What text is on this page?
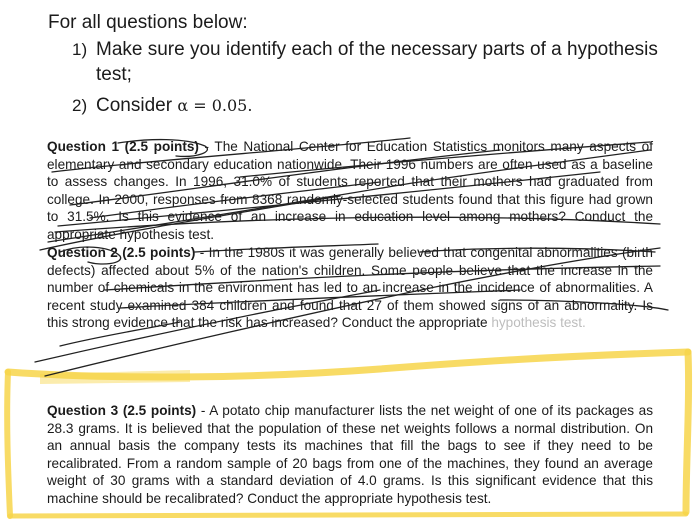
For all questions below:
1) Make sure you identify each of the necessary parts of a hypothesis test;
2) Consider α = 0.05.
Question 1 (2.5 points) - The National Center for Education Statistics monitors many aspects of elementary and secondary education nationwide. Their 1996 numbers are often used as a baseline to assess changes. In 1996, 31.0% of students reported that their mothers had graduated from college. In 2000, responses from 8368 randomly-selected students found that this figure had grown to 31.5%. Is this evidence of an increase in education level among mothers? Conduct the appropriate hypothesis test.
Question 2 (2.5 points) - In the 1980s it was generally believed that congenital abnormalities (birth defects) affected about 5% of the nation's children. Some people believe that the increase in the number of chemicals in the environment has led to an increase in the incidence of abnormalities. A recent study examined 384 children and found that 27 of them showed signs of an abnormality. Is this strong evidence that the risk has increased? Conduct the appropriate hypothesis test.
Question 3 (2.5 points) - A potato chip manufacturer lists the net weight of one of its packages as 28.3 grams. It is believed that the population of these net weights follows a normal distribution. On an annual basis the company tests its machines that fill the bags to see if they need to be recalibrated. From a random sample of 20 bags from one of the machines, they found an average weight of 30 grams with a standard deviation of 4.0 grams. Is this significant evidence that this machine should be recalibrated? Conduct the appropriate hypothesis test.
